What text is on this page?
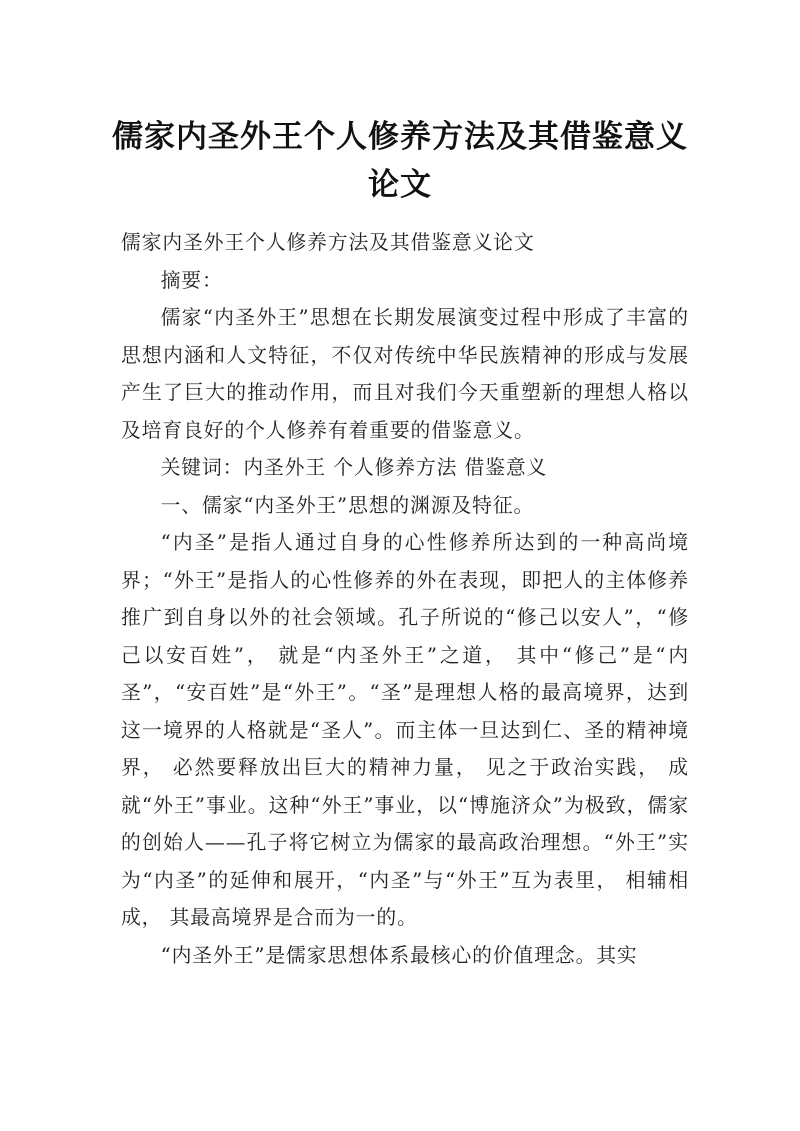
儒家内圣外王个人修养方法及其借鉴意义
论文

儒家内圣外王个人修养方法及其借鉴意义论文

摘要：

儒家“内圣外王”思想在长期发展演变过程中形成了丰富的思想内涵和人文特征，不仅对传统中华民族精神的形成与发展产生了巨大的推动作用，而且对我们今天重塑新的理想人格以及培育良好的个人修养有着重要的借鉴意义。

关键词：内圣外王 个人修养方法 借鉴意义

一、儒家“内圣外王”思想的渊源及特征。

“内圣”是指人通过自身的心性修养所达到的一种高尚境界；“外王”是指人的心性修养的外在表现，即把人的主体修养推广到自身以外的社会领域。孔子所说的“修己以安人”，“修己以安百姓”， 就是“内圣外王”之道， 其中“修己”是“内圣”，“安百姓”是“外王”。“圣”是理想人格的最高境界，达到这一境界的人格就是“圣人”。而主体一旦达到仁、圣的精神境界， 必然要释放出巨大的精神力量， 见之于政治实践， 成就“外王”事业。这种“外王”事业，以“博施济众”为极致，儒家的创始人——孔子将它树立为儒家的最高政治理想。“外王”实为“内圣”的延伸和展开，“内圣”与“外王”互为表里， 相辅相成， 其最高境界是合而为一的。

“内圣外王”是儒家思想体系最核心的价值理念。其实
